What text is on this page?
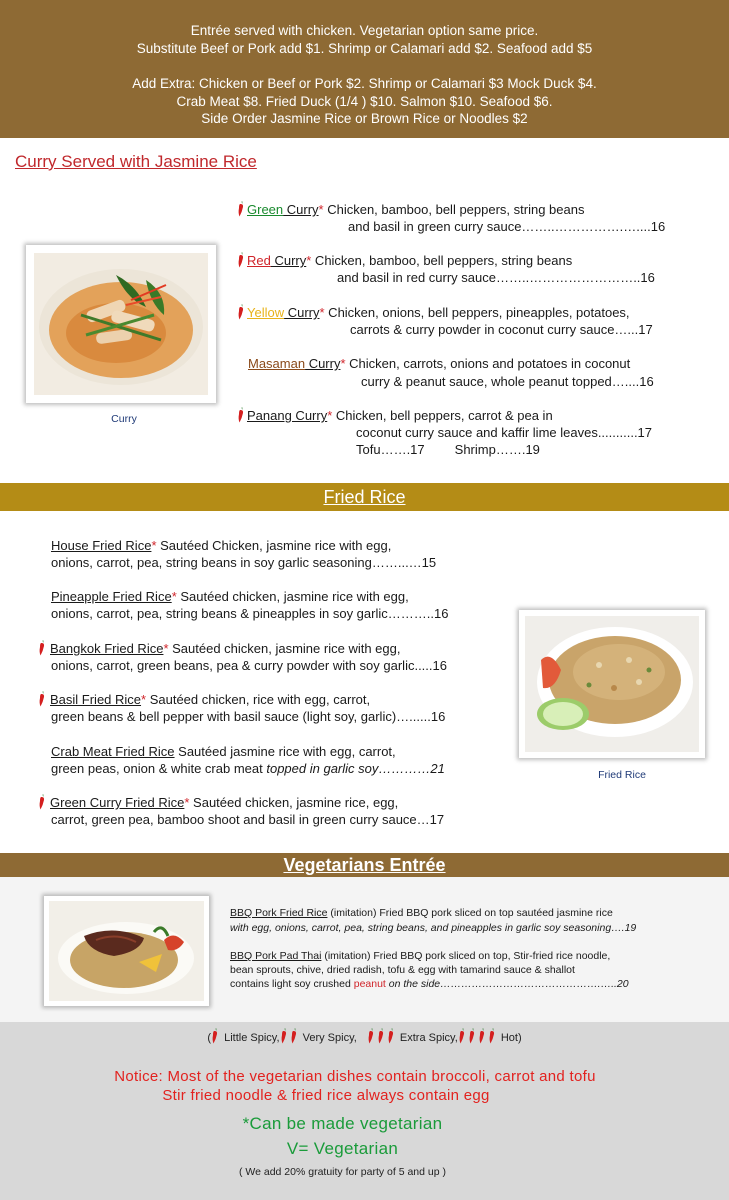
Entrée served with chicken. Vegetarian option same price.
Substitute Beef or Pork add $1. Shrimp or Calamari add $2. Seafood add $5
Add Extra: Chicken or Beef or Pork $2. Shrimp or Calamari $3 Mock Duck $4.
Crab Meat $8. Fried Duck (1/4 ) $10. Salmon $10. Seafood $6.
Side Order Jasmine Rice or Brown Rice or Noodles $2
Curry Served with Jasmine Rice
Curry
Green Curry* Chicken, bamboo, bell peppers, string beans
and basil in green curry sauce……..…………….…....16
Red Curry* Chicken, bamboo, bell peppers, string beans
and basil in red curry sauce……..……………………..16
Yellow Curry* Chicken, onions, bell peppers, pineapples, potatoes,
carrots & curry powder in coconut curry sauce…...17
Masaman Curry* Chicken, carrots, onions and potatoes in coconut
curry & peanut sauce, whole peanut topped…....16
Panang Curry* Chicken, bell peppers, carrot & pea in
coconut curry sauce and kaffir lime leaves...........17
Tofu…….17 Shrimp…….19
Fried Rice
House Fried Rice* Sautéed Chicken, jasmine rice with egg,
onions, carrot, pea, string beans in soy garlic seasoning……...…15
Pineapple Fried Rice* Sautéed chicken, jasmine rice with egg,
onions, carrot, pea, string beans & pineapples in soy garlic………..16
Bangkok Fried Rice* Sautéed chicken, jasmine rice with egg,
onions, carrot, green beans, pea & curry powder with soy garlic.....16
Basil Fried Rice* Sautéed chicken, rice with egg, carrot,
green beans & bell pepper with basil sauce (light soy, garlic)…......16
Crab Meat Fried Rice Sautéed jasmine rice with egg, carrot,
green peas, onion & white crab meat topped in garlic soy…………21
Green Curry Fried Rice* Sautéed chicken, jasmine rice, egg,
carrot, green pea, bamboo shoot and basil in green curry sauce…17
Fried Rice
Vegetarians Entrée
BBQ Pork Fried Rice (imitation) Fried BBQ pork sliced on top sautéed jasmine rice
with egg, onions, carrot, pea, string beans, and pineapples in garlic soy seasoning….19
BBQ Pork Pad Thai (imitation) Fried BBQ pork sliced on top, Stir-fried rice noodle,
bean sprouts, chive, dried radish, tofu & egg with tamarind sauce & shallot
contains light soy crushed peanut on the side……………………………………….…..20
( Little Spicy, Very Spicy,	Extra Spicy,	Hot)
Notice: Most of the vegetarian dishes contain broccoli, carrot and tofu
Stir fried noodle & fried rice always contain egg
*Can be made vegetarian
V= Vegetarian
( We add 20% gratuity for party of 5 and up )
